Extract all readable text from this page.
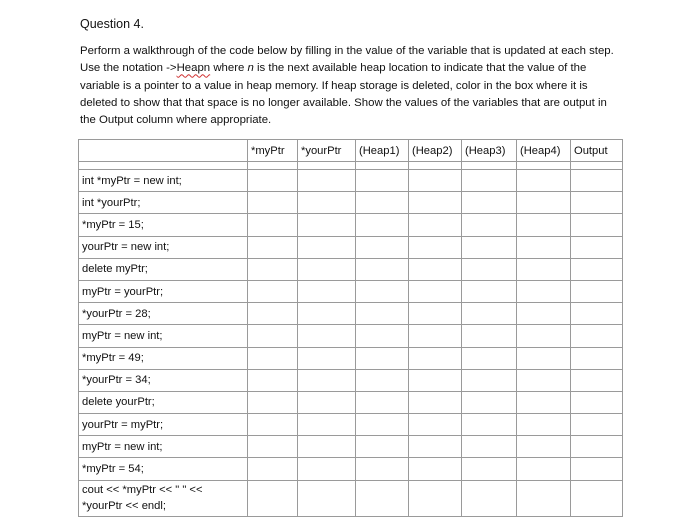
Question 4.
Perform a walkthrough of the code below by filling in the value of the variable that is updated at each step. Use the notation ->Heapn where n is the next available heap location to indicate that the value of the variable is a pointer to a value in heap memory. If heap storage is deleted, color in the box where it is deleted to show that that space is no longer available. Show the values of the variables that are output in the Output column where appropriate.
	*myPtr	*yourPtr	(Heap1)	(Heap2)	(Heap3)	(Heap4)	Output

int *myPtr = new int;							
int *yourPtr;							
*myPtr = 15;							
yourPtr = new int;							
delete myPtr;							
myPtr = yourPtr;							
*yourPtr = 28;							
myPtr = new int;							
*myPtr = 49;							
*yourPtr = 34;							
delete yourPtr;							
yourPtr = myPtr;							
myPtr = new int;							
*myPtr = 54;							
cout << *myPtr << " " << *yourPtr << endl;							
